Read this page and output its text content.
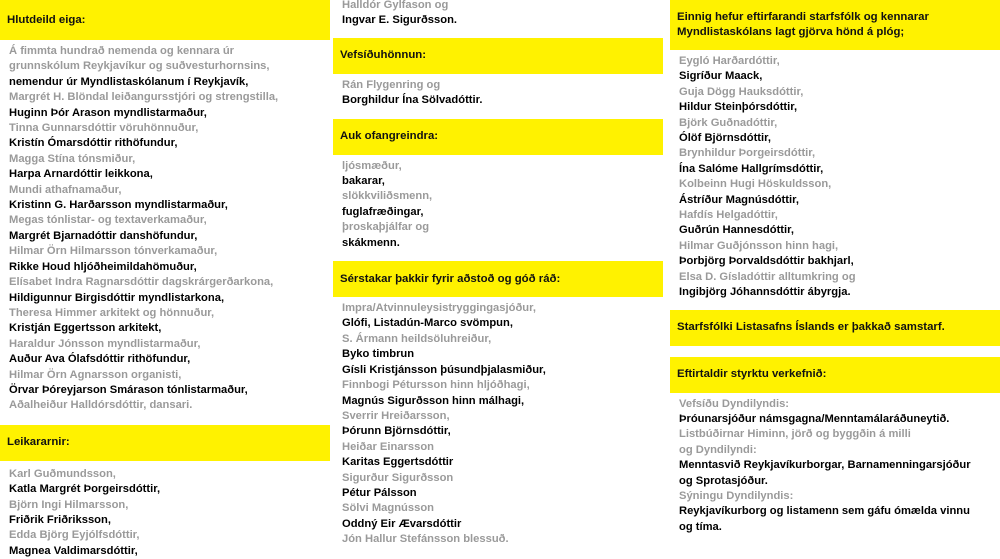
Hlutdeild eiga:
Á fimmta hundrað nemenda og kennara úr
grunnskólum Reykjavíkur og suðvesturhornsins,
nemendur úr Myndlistaskólanum í Reykjavík,
Margrét H. Blöndal leiðangursstjóri og strengstilla,
Huginn Þór Arason myndlistarmaður,
Tinna Gunnarsdóttir vöruhönnuður,
Kristín Ómarsdóttir rithöfundur,
Magga Stína tónsmiður,
Harpa Arnardóttir leikkona,
Mundi athafnamaður,
Kristinn G. Harðarsson myndlistarmaður,
Megas tónlistar- og textaverkamaður,
Margrét Bjarnadóttir danshöfundur,
Hilmar Örn Hilmarsson tónverkamaður,
Rikke Houd hljóðheimildahömuður,
Elísabet Indra Ragnarsdóttir dagskrárgerðarkona,
Hildigunnur Birgisdóttir myndlistarkona,
Theresa Himmer arkitekt og hönnuður,
Kristján Eggertsson arkitekt,
Haraldur Jónsson myndlistarmaður,
Auður Ava Ólafsdóttir rithöfundur,
Hilmar Örn Agnarsson organisti,
Örvar Þóreyjarson Smárason tónlistarmaður,
Aðalheiður Halldórsdóttir, dansari.
Leikararnir:
Karl Guðmundsson,
Katla Margrét Þorgeirsdóttir,
Björn Ingi Hilmarsson,
Friðrik Friðriksson,
Edda Björg Eyjólfsdóttir,
Magnea Valdimarsdóttir,
Halldór Gylfason og
Ingvar E. Sigurðsson.
Vefsíðuhönnun:
Rán Flygenring og
Borghildur Ína Sölvadóttir.
Auk ofangreindra:
ljósmæður,
bakarar,
slökkviliðsmenn,
fuglafræðingar,
þroskaþjálfar og
skákmenn.
Sérstakar þakkir fyrir aðstoð og góð ráð:
Impra/Atvinnuleysistryggingasjóður,
Glófi, Listadún-Marco svömpun,
S. Ármann heildsöluhreiður,
Byko timbrun
Gísli Kristjánsson þúsundþjalasmiður,
Finnbogi Pétursson hinn hljóðhagi,
Magnús Sigurðsson hinn málhagi,
Sverrir Hreiðarsson,
Þórunn Björnsdóttir,
Heiðar Einarsson
Karitas Eggertsdóttir
Sigurður Sigurðsson
Pétur Pálsson
Sölvi Magnússon
Oddný Eir Ævarsdóttir
Jón Hallur Stefánsson blessuð.
Einnig hefur eftirfarandi starfsfólk og kennarar
Myndlistaskólans lagt gjörva hönd á plóg;
Eygló Harðardóttir,
Sigríður Maack,
Guja Dögg Hauksdóttir,
Hildur Steinþórsdóttir,
Björk Guðnadóttir,
Ólöf Björnsdóttir,
Brynhildur Þorgeirsdóttir,
Ína Salóme Hallgrímsdóttir,
Kolbeinn Hugi Höskuldsson,
Ástríður Magnúsdóttir,
Hafdís Helgadóttir,
Guðrún Hannesdóttir,
Hilmar Guðjónsson hinn hagi,
Þorbjörg Þorvaldsdóttir bakhjarl,
Elsa D. Gísladóttir alltumkring og
Ingibjörg Jóhannsdóttir ábyrgja.
Starfsfólki Listasafns Íslands er þakkað samstarf.
Eftirtaldir styrktu verkefnið:
Vefsíðu Dyndilyndis:
Þróunarsjóður námsgagna/Menntamálaráðuneytið.
Listbúðirnar Himinn, jörð og byggðin á milli
og Dyndilyndi:
Menntasvið Reykjavíkurborgar, Barnamenningarsjóður
og Sprotasjóður.
Sýningu Dyndilyndis:
Reykjavíkurborg og listamenn sem gáfu ómælda vinnu
og tíma.
